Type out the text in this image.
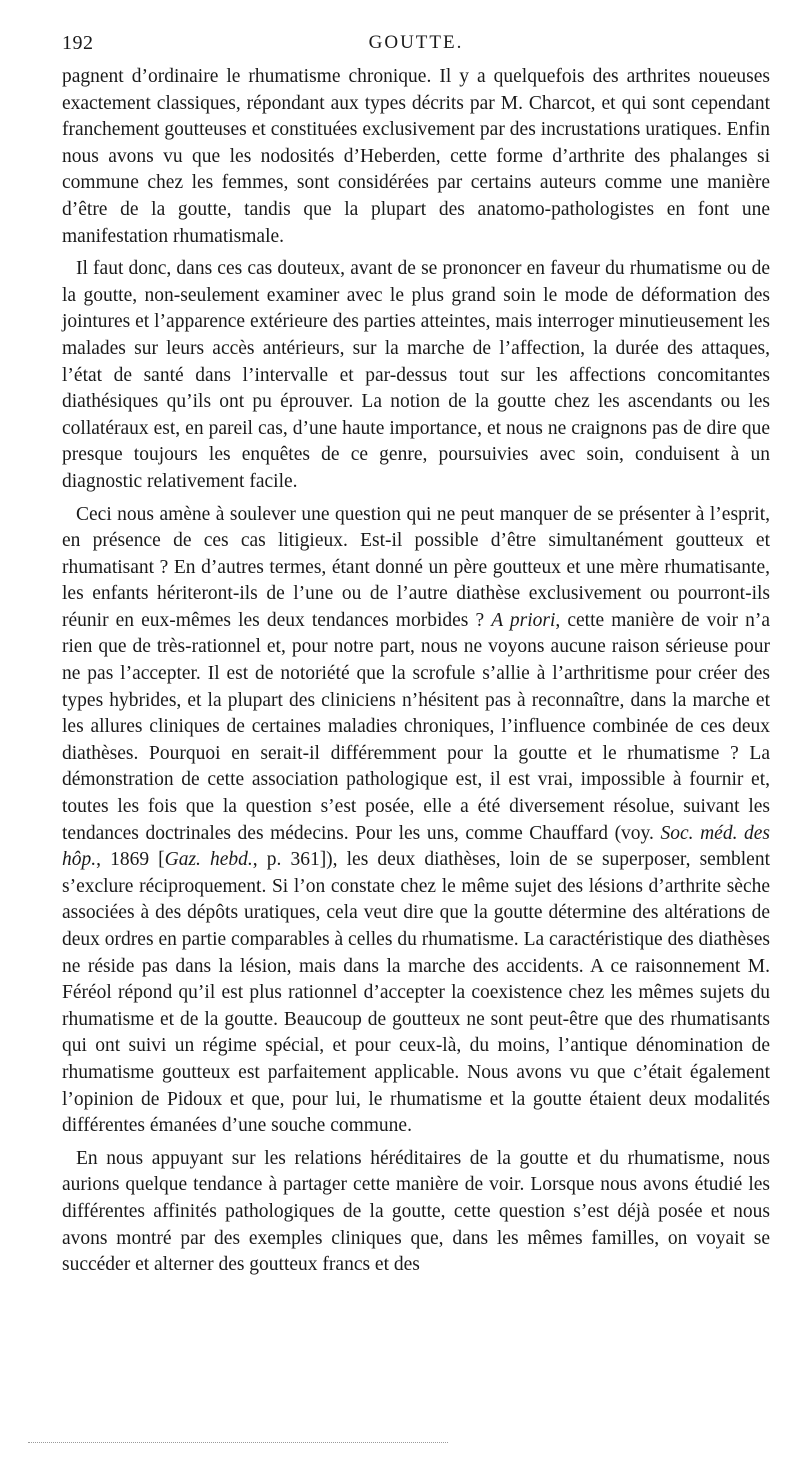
192	GOUTTE.

pagnent d’ordinaire le rhumatisme chronique. Il y a quelquefois des arthrites noueuses exactement classiques, répondant aux types décrits par M. Charcot, et qui sont cependant franchement goutteuses et constituées exclusivement par des incrustations uratiques. Enfin nous avons vu que les nodosités d’Heberden, cette forme d’arthrite des phalanges si commune chez les femmes, sont considérées par certains auteurs comme une manière d’être de la goutte, tandis que la plupart des anatomo-pathologistes en font une manifestation rhumatismale.

Il faut donc, dans ces cas douteux, avant de se prononcer en faveur du rhumatisme ou de la goutte, non-seulement examiner avec le plus grand soin le mode de déformation des jointures et l’apparence extérieure des parties atteintes, mais interroger minutieusement les malades sur leurs accès antérieurs, sur la marche de l’affection, la durée des attaques, l’état de santé dans l’intervalle et par-dessus tout sur les affections concomitantes diathésiques qu’ils ont pu éprouver. La notion de la goutte chez les ascendants ou les collatéraux est, en pareil cas, d’une haute importance, et nous ne craignons pas de dire que presque toujours les enquêtes de ce genre, poursuivies avec soin, conduisent à un diagnostic relativement facile.

Ceci nous amène à soulever une question qui ne peut manquer de se présenter à l’esprit, en présence de ces cas litigieux. Est-il possible d’être simultanément goutteux et rhumatisant ? En d’autres termes, étant donné un père goutteux et une mère rhumatisante, les enfants hériteront-ils de l’une ou de l’autre diathèse exclusivement ou pourront-ils réunir en eux-mêmes les deux tendances morbides ? A priori, cette manière de voir n’a rien que de très-rationnel et, pour notre part, nous ne voyons aucune raison sérieuse pour ne pas l’accepter. Il est de notoriété que la scrofule s’allie à l’arthritisme pour créer des types hybrides, et la plupart des cliniciens n’hésitent pas à reconnaître, dans la marche et les allures cliniques de certaines maladies chroniques, l’influence combinée de ces deux diathèses. Pourquoi en serait-il différemment pour la goutte et le rhumatisme ? La démonstration de cette association pathologique est, il est vrai, impossible à fournir et, toutes les fois que la question s’est posée, elle a été diversement résolue, suivant les tendances doctrinales des médecins. Pour les uns, comme Chauffard (voy. Soc. méd. des hôp., 1869 [Gaz. hebd., p. 361]), les deux diathèses, loin de se superposer, semblent s’exclure réciproquement. Si l’on constate chez le même sujet des lésions d’arthrite sèche associées à des dépôts uratiques, cela veut dire que la goutte détermine des altérations de deux ordres en partie comparables à celles du rhumatisme. La caractéristique des diathèses ne réside pas dans la lésion, mais dans la marche des accidents. A ce raisonnement M. Féréol répond qu’il est plus rationnel d’accepter la coexistence chez les mêmes sujets du rhumatisme et de la goutte. Beaucoup de goutteux ne sont peut-être que des rhumatisants qui ont suivi un régime spécial, et pour ceux-là, du moins, l’antique dénomination de rhumatisme goutteux est parfaitement applicable. Nous avons vu que c’était également l’opinion de Pidoux et que, pour lui, le rhumatisme et la goutte étaient deux modalités différentes émanées d’une souche commune.

En nous appuyant sur les relations héréditaires de la goutte et du rhumatisme, nous aurions quelque tendance à partager cette manière de voir. Lorsque nous avons étudié les différentes affinités pathologiques de la goutte, cette question s’est déjà posée et nous avons montré par des exemples cliniques que, dans les mêmes familles, on voyait se succéder et alterner des goutteux francs et des
